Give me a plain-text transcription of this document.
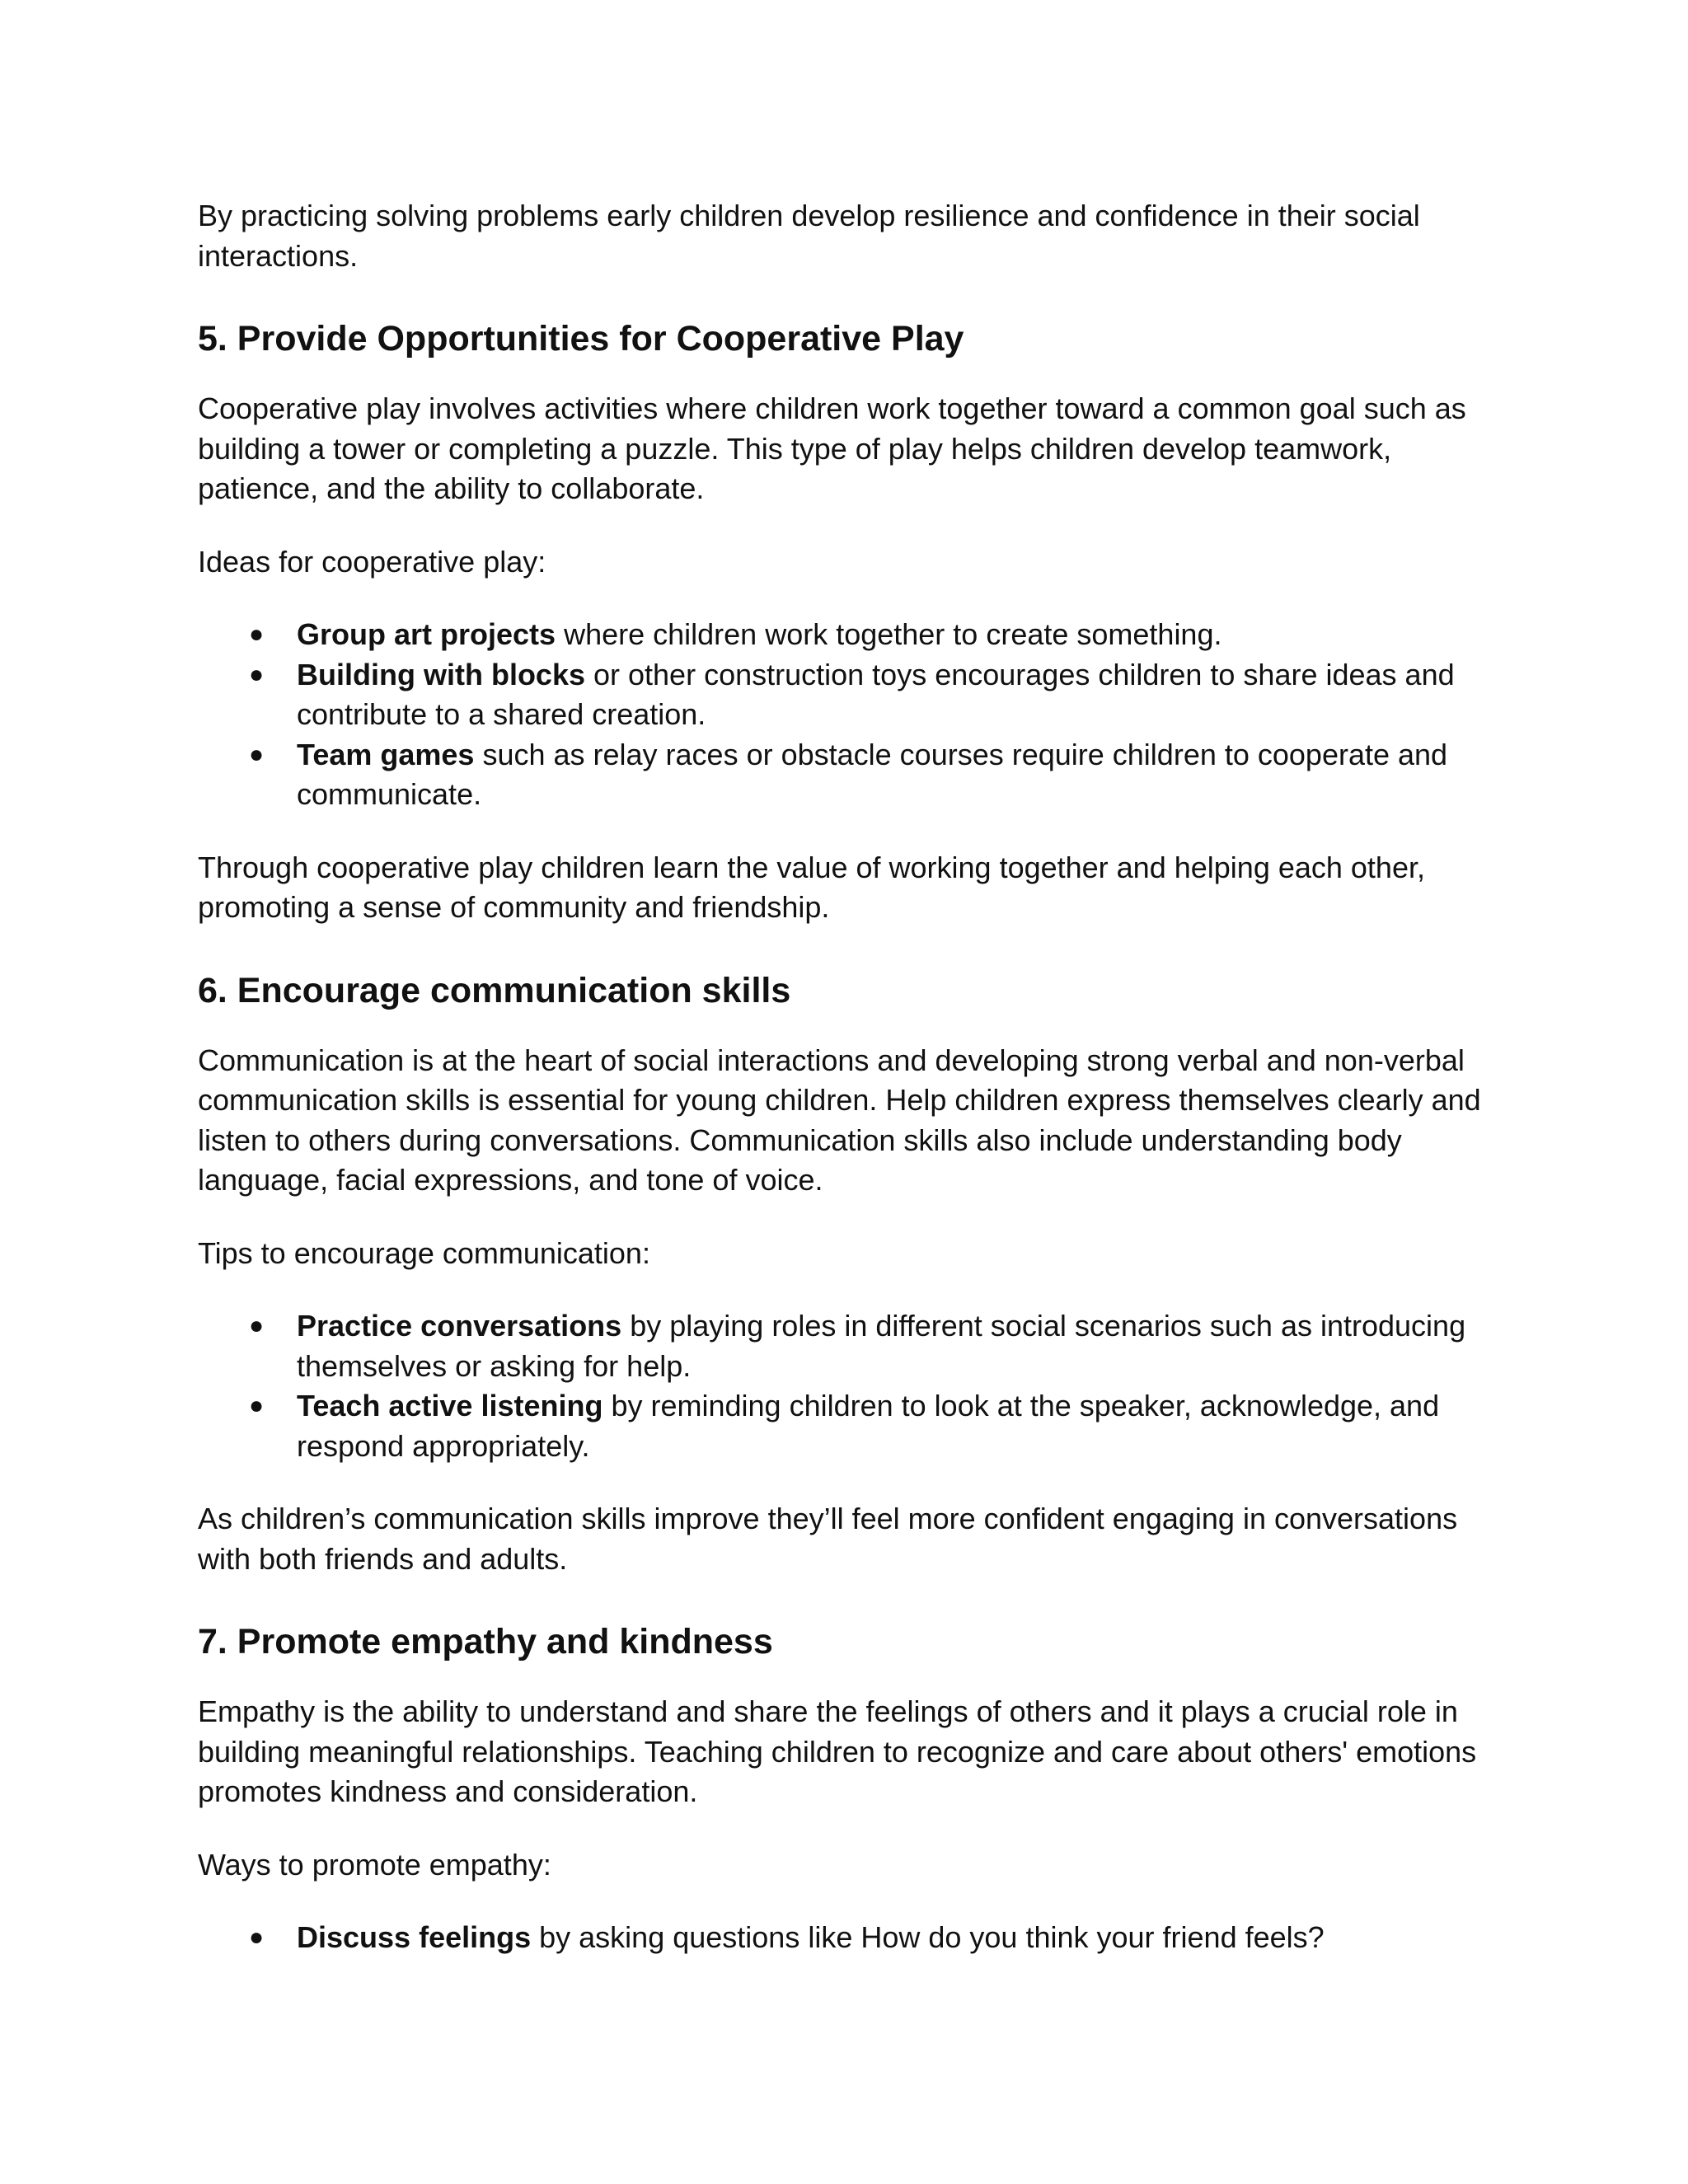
By practicing solving problems early children develop resilience and confidence in their social interactions.

5. Provide Opportunities for Cooperative Play

Cooperative play involves activities where children work together toward a common goal such as building a tower or completing a puzzle. This type of play helps children develop teamwork, patience, and the ability to collaborate.

Ideas for cooperative play:

● Group art projects where children work together to create something.
● Building with blocks or other construction toys encourages children to share ideas and contribute to a shared creation.
● Team games such as relay races or obstacle courses require children to cooperate and communicate.

Through cooperative play children learn the value of working together and helping each other, promoting a sense of community and friendship.

6. Encourage communication skills

Communication is at the heart of social interactions and developing strong verbal and non-verbal communication skills is essential for young children. Help children express themselves clearly and listen to others during conversations. Communication skills also include understanding body language, facial expressions, and tone of voice.

Tips to encourage communication:

● Practice conversations by playing roles in different social scenarios such as introducing themselves or asking for help.
● Teach active listening by reminding children to look at the speaker, acknowledge, and respond appropriately.

As children’s communication skills improve they’ll feel more confident engaging in conversations with both friends and adults.

7. Promote empathy and kindness

Empathy is the ability to understand and share the feelings of others and it plays a crucial role in building meaningful relationships. Teaching children to recognize and care about others' emotions promotes kindness and consideration.

Ways to promote empathy:

● Discuss feelings by asking questions like How do you think your friend feels?
